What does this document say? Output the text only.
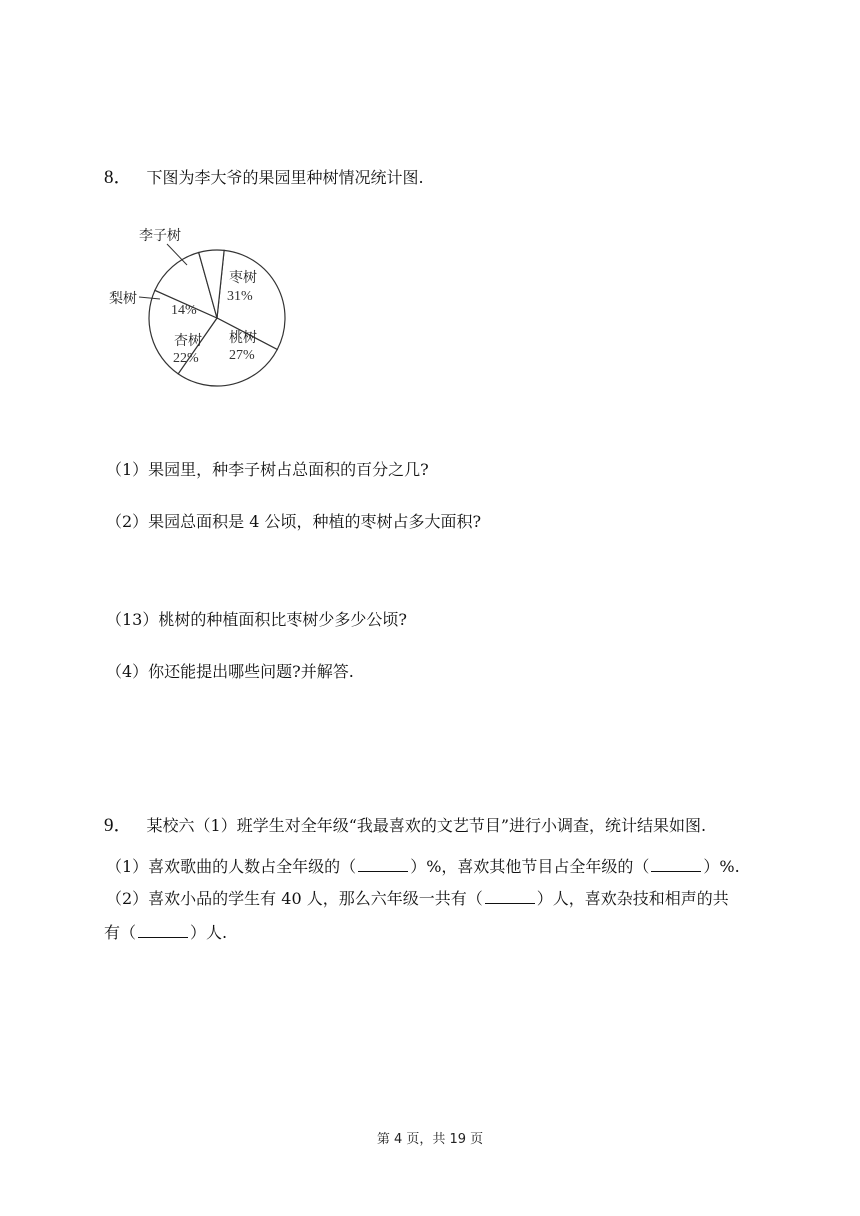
8． 下图为李大爷的果园里种树情况统计图.
枣树
31%
桃树
27%
杏树
22%
梨树
14%
李子树
（1）果园里，种李子树占总面积的百分之几?
（2）果园总面积是 4 公顷，种植的枣树占多大面积?
（13）桃树的种植面积比枣树少多少公顷?
（4）你还能提出哪些问题?并解答.
9． 某校六（1）班学生对全年级“我最喜欢的文艺节目”进行小调查，统计结果如图.
（1）喜欢歌曲的人数占全年级的（	）%，喜欢其他节目占全年级的（	）%.
（2）喜欢小品的学生有 40 人，那么六年级一共有（	）人，喜欢杂技和相声的共
有（	）人.
第 4 页，共 19 页
